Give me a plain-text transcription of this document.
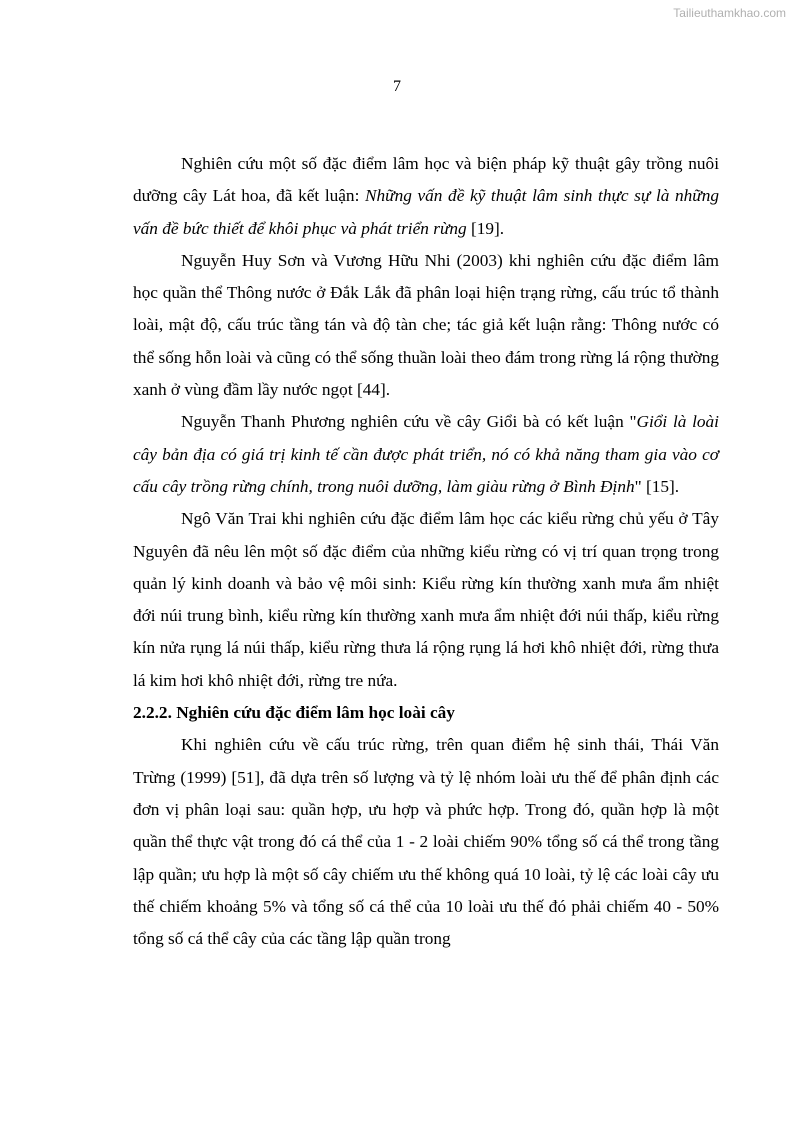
Tailieuthamkhao.com
7

Nghiên cứu một số đặc điểm lâm học và biện pháp kỹ thuật gây trồng nuôi dưỡng cây Lát hoa, đã kết luận: Những vấn đề kỹ thuật lâm sinh thực sự là những vấn đề bức thiết để khôi phục và phát triển rừng [19].

Nguyễn Huy Sơn và Vương Hữu Nhi (2003) khi nghiên cứu đặc điểm lâm học quần thể Thông nước ở Đắk Lắk đã phân loại hiện trạng rừng, cấu trúc tổ thành loài, mật độ, cấu trúc tầng tán và độ tàn che; tác giả kết luận rằng: Thông nước có thể sống hỗn loài và cũng có thể sống thuần loài theo đám trong rừng lá rộng thường xanh ở vùng đầm lầy nước ngọt [44].

Nguyễn Thanh Phương nghiên cứu về cây Giổi bà có kết luận "Giổi là loài cây bản địa có giá trị kinh tế cần được phát triển, nó có khả năng tham gia vào cơ cấu cây trồng rừng chính, trong nuôi dưỡng, làm giàu rừng ở Bình Định" [15].

Ngô Văn Trai khi nghiên cứu đặc điểm lâm học các kiểu rừng chủ yếu ở Tây Nguyên đã nêu lên một số đặc điểm của những kiểu rừng có vị trí quan trọng trong quản lý kinh doanh và bảo vệ môi sinh: Kiểu rừng kín thường xanh mưa ẩm nhiệt đới núi trung bình, kiểu rừng kín thường xanh mưa ẩm nhiệt đới núi thấp, kiểu rừng kín nửa rụng lá núi thấp, kiểu rừng thưa lá rộng rụng lá hơi khô nhiệt đới, rừng thưa lá kim hơi khô nhiệt đới, rừng tre nứa.

2.2.2. Nghiên cứu đặc điểm lâm học loài cây

Khi nghiên cứu về cấu trúc rừng, trên quan điểm hệ sinh thái, Thái Văn Trừng (1999) [51], đã dựa trên số lượng và tỷ lệ nhóm loài ưu thế để phân định các đơn vị phân loại sau: quần hợp, ưu hợp và phức hợp. Trong đó, quần hợp là một quần thể thực vật trong đó cá thể của 1 - 2 loài chiếm 90% tổng số cá thể trong tầng lập quần; ưu hợp là một số cây chiếm ưu thế không quá 10 loài, tỷ lệ các loài cây ưu thế chiếm khoảng 5% và tổng số cá thể của 10 loài ưu thế đó phải chiếm 40 - 50% tổng số cá thể cây của các tầng lập quần trong
